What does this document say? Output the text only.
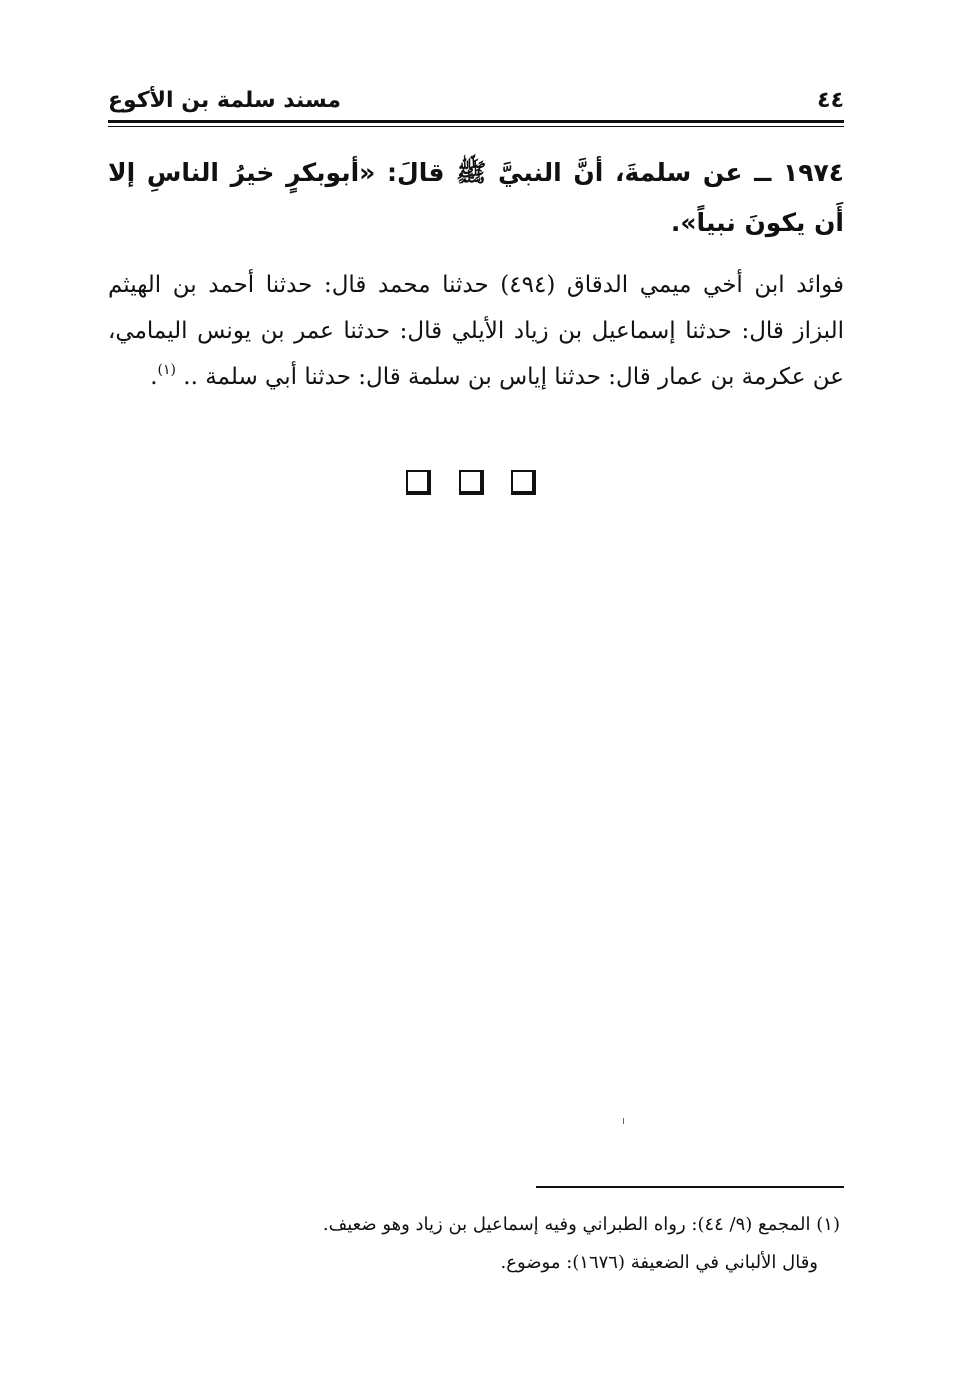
مسند سلمة بن الأكوع	٤٤

١٩٧٤ ــ عن سلمةَ، أنَّ النبيَّ ﷺ قالَ: «أبوبكرٍ خيرُ الناسِ إلا أَن يكونَ نبياً».

فوائد ابن أخي ميمي الدقاق (٤٩٤) حدثنا محمد قال: حدثنا أحمد بن الهيثم البزاز قال: حدثنا إسماعيل بن زياد الأيلي قال: حدثنا عمر بن يونس اليمامي، عن عكرمة بن عمار قال: حدثنا إياس بن سلمة قال: حدثنا أبي سلمة .. $^{(١)}$.

(١) المجمع (٩/ ٤٤): رواه الطبراني وفيه إسماعيل بن زياد وهو ضعيف.
وقال الألباني في الضعيفة (١٦٧٦): موضوع.
